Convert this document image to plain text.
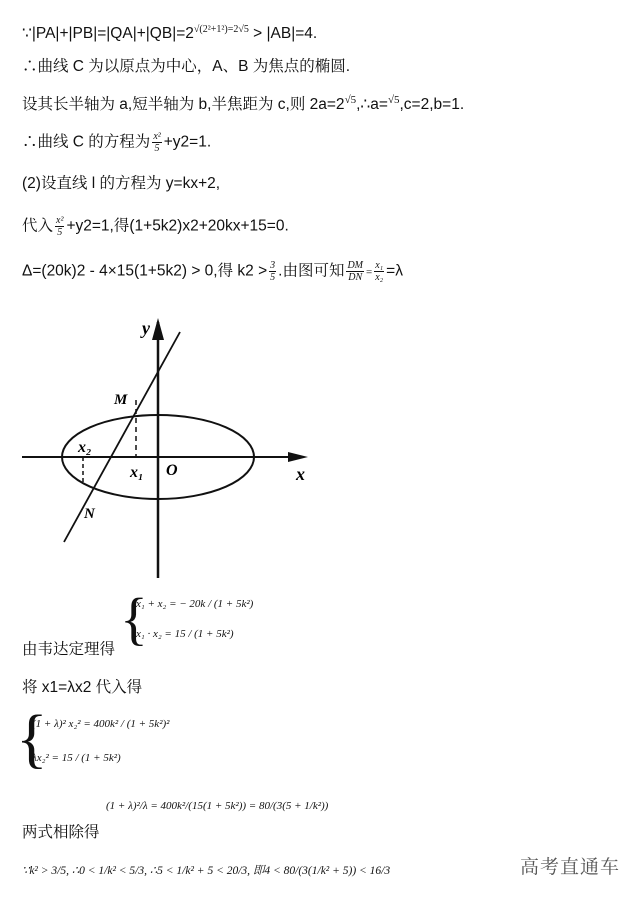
$\because|PA|+|PB|=|QA|+|QB|=2^{√(2^2+1^2)=2√5} > |AB|=4$.
∴曲线 C 为以原点为中心，A、B 为焦点的椭圆.
设其长半轴为 a,短半轴为 b,半焦距为 c,则 $2a=2^{√5},\therefore a=^{√5},c=2,b=1$.
∴曲线 C 的方程为 $\frac{\text{x²}}{5} +y2=1$.
(2)设直线 l 的方程为 y=kx+2,
代入 $\frac{\text{x²}}{5} +y2=1$,得(1+5k2)x2+20kx+15=0.
Δ=(20k)2 - 4×15(1+5k2) > 0,得 $k2 > \frac{3}{5}$ .由图可知 $\frac{DM}{DN} = \frac{\text{x₁}}{\text{x₂}} =\lambda$
y
x
M
N
x₁
x₂
O
{
x₁ + x₂ = − 20k / (1 + 5k²)
x₁ · x₂ = 15 / (1 + 5k²)
由韦达定理得
将 x1=λx2 代入得
{
(1 + λ)² x₂² = 400k² / (1 + 5k²)²
λx₂² = 15 / (1 + 5k²)
(1 + λ)²/λ = 400k²/(15(1 + 5k²)) = 80/(3(5 + 1/k²))
两式相除得
∵k² > 3/5, ∴0 < 1/k² < 5/3, ∴5 < 1/k² + 5 < 20/3, 即4 < 80/(3(1/k² + 5)) < 16/3	高考直通车
